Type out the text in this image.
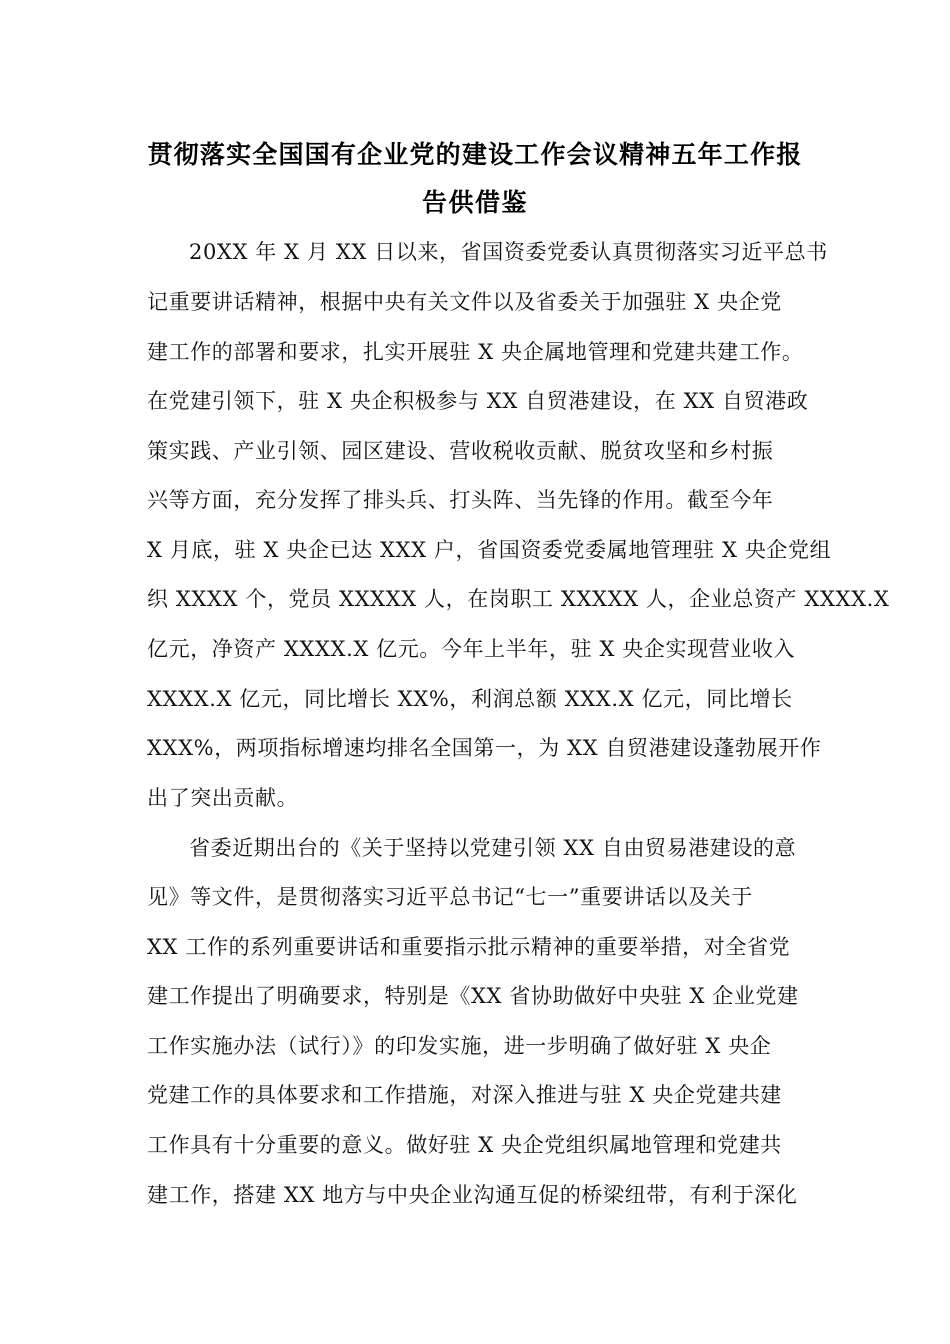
贯彻落实全国国有企业党的建设工作会议精神五年工作报
告供借鉴
20XX 年 X 月 XX 日以来，省国资委党委认真贯彻落实习近平总书
记重要讲话精神，根据中央有关文件以及省委关于加强驻 X 央企党
建工作的部署和要求，扎实开展驻 X 央企属地管理和党建共建工作。
在党建引领下，驻 X 央企积极参与 XX 自贸港建设，在 XX 自贸港政
策实践、产业引领、园区建设、营收税收贡献、脱贫攻坚和乡村振
兴等方面，充分发挥了排头兵、打头阵、当先锋的作用。截至今年
X 月底，驻 X 央企已达 XXX 户，省国资委党委属地管理驻 X 央企党组
织 XXXX 个，党员 XXXXX 人，在岗职工 XXXXX 人，企业总资产 XXXX.X
亿元，净资产 XXXX.X 亿元。今年上半年，驻 X 央企实现营业收入
XXXX.X 亿元，同比增长 XX%，利润总额 XXX.X 亿元，同比增长
XXX%，两项指标增速均排名全国第一，为 XX 自贸港建设蓬勃展开作
出了突出贡献。
省委近期出台的《关于坚持以党建引领 XX 自由贸易港建设的意
见》等文件，是贯彻落实习近平总书记“七一”重要讲话以及关于
XX 工作的系列重要讲话和重要指示批示精神的重要举措，对全省党
建工作提出了明确要求，特别是《XX 省协助做好中央驻 X 企业党建
工作实施办法（试行）》的印发实施，进一步明确了做好驻 X 央企
党建工作的具体要求和工作措施，对深入推进与驻 X 央企党建共建
工作具有十分重要的意义。做好驻 X 央企党组织属地管理和党建共
建工作，搭建 XX 地方与中央企业沟通互促的桥梁纽带，有利于深化
